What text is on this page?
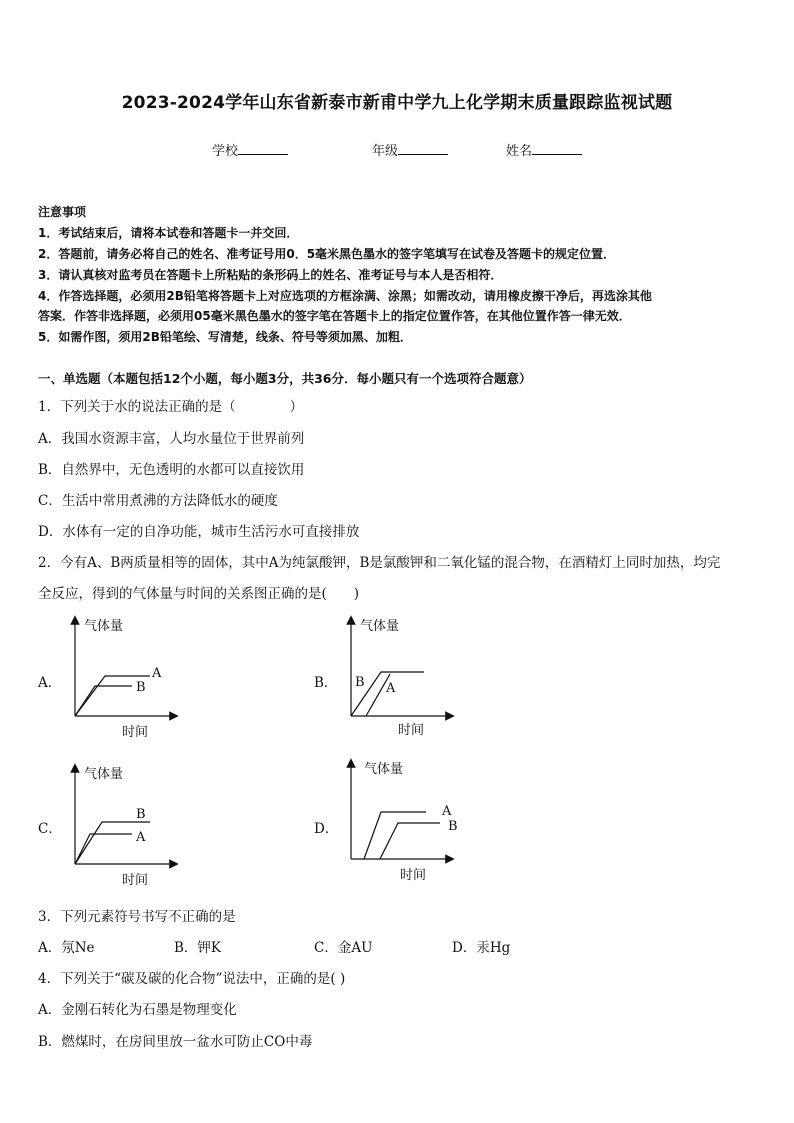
2023-2024学年山东省新泰市新甫中学九上化学期末质量跟踪监视试题
学校	年级	姓名
注意事项
1．考试结束后，请将本试卷和答题卡一并交回．
2．答题前，请务必将自己的姓名、准考证号用0．5毫米黑色墨水的签字笔填写在试卷及答题卡的规定位置．
3．请认真核对监考员在答题卡上所粘贴的条形码上的姓名、准考证号与本人是否相符．
4．作答选择题，必须用2B铅笔将答题卡上对应选项的方框涂满、涂黑；如需改动，请用橡皮擦干净后，再选涂其他
答案．作答非选择题，必须用05毫米黑色墨水的签字笔在答题卡上的指定位置作答，在其他位置作答一律无效．
5．如需作图，须用2B铅笔绘、写清楚，线条、符号等须加黑、加粗．
一、单选题（本题包括12个小题，每小题3分，共36分．每小题只有一个选项符合题意）
1．下列关于水的说法正确的是（　　　　）
A．我国水资源丰富，人均水量位于世界前列
B．自然界中，无色透明的水都可以直接饮用
C．生活中常用煮沸的方法降低水的硬度
D．水体有一定的自净功能，城市生活污水可直接排放
2．今有A、B两质量相等的固体，其中A为纯氯酸钾，B是氯酸钾和二氧化锰的混合物，在酒精灯上同时加热，均完
全反应，得到的气体量与时间的关系图正确的是(　　)
A．
气体量
时间
A
B	B．
气体量
时间
B A
C．
气体量
时间
B
A
D．
气体量
时间
A
B
3．下列元素符号书写不正确的是
A．氖Ne	B．钾K	C．金AU	D．汞Hg
4．下列关于“碳及碳的化合物”说法中，正确的是( )
A．金刚石转化为石墨是物理变化
B．燃煤时，在房间里放一盆水可防止CO中毒
